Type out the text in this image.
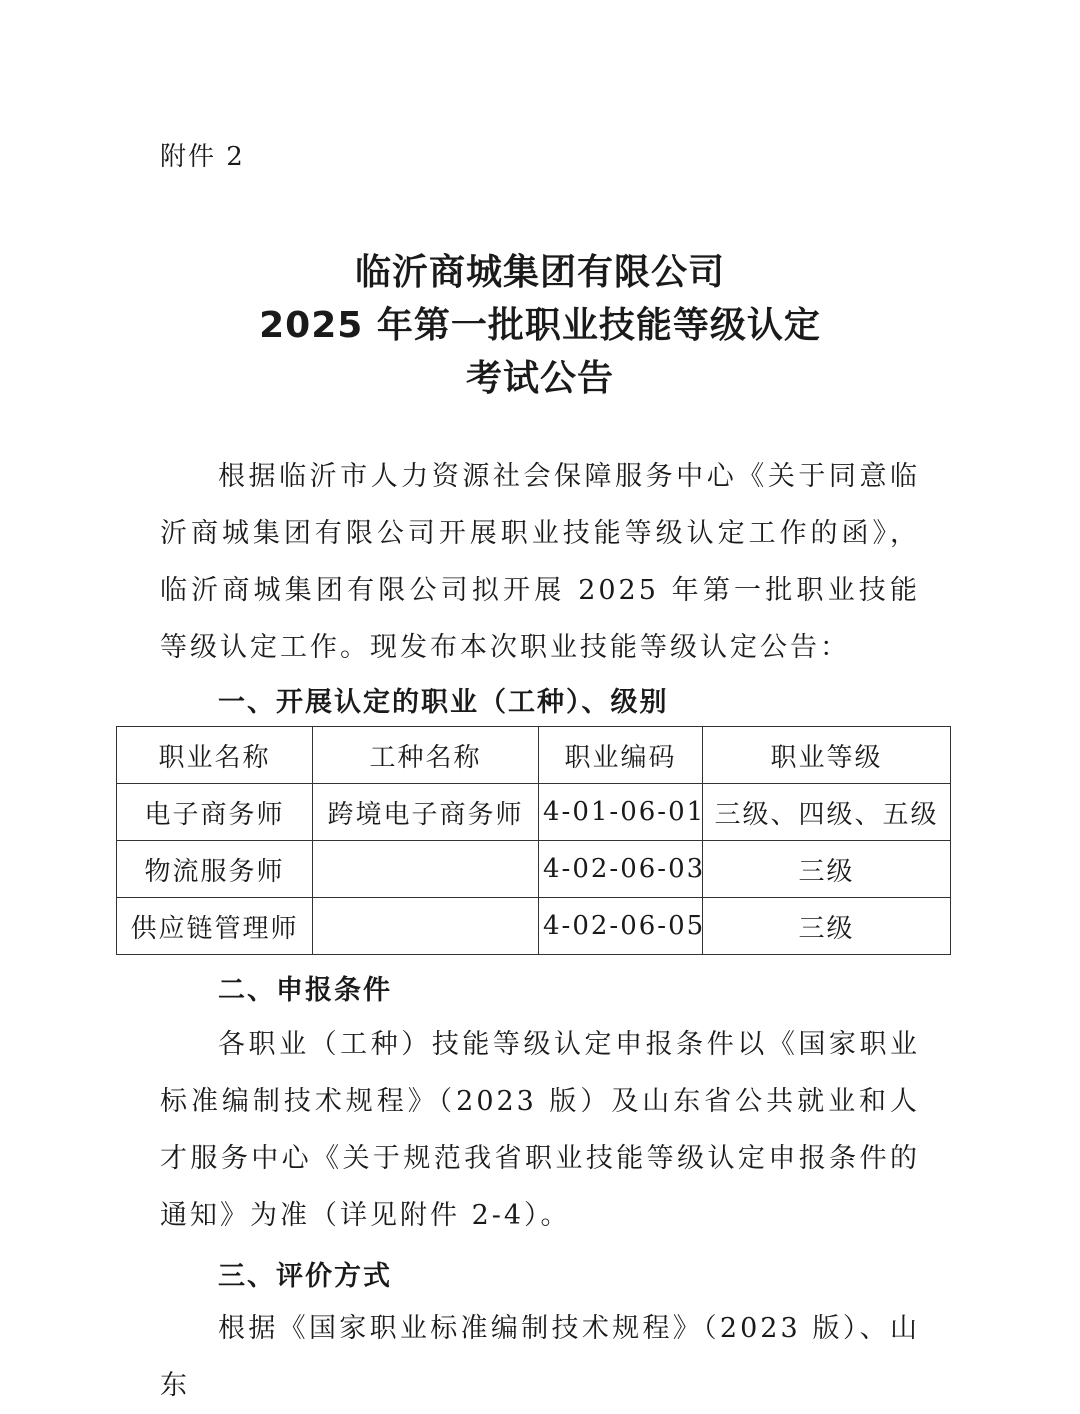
附件 2
临沂商城集团有限公司
2025 年第一批职业技能等级认定
考试公告

根据临沂市人力资源社会保障服务中心《关于同意临沂商城集团有限公司开展职业技能等级认定工作的函》，临沂商城集团有限公司拟开展 2025 年第一批职业技能等级认定工作。现发布本次职业技能等级认定公告：

一、开展认定的职业（工种）、级别
职业名称	工种名称	职业编码	职业等级
电子商务师	跨境电子商务师	4-01-06-01	三级、四级、五级
物流服务师		4-02-06-03	三级
供应链管理师		4-02-06-05	三级
二、申报条件

各职业（工种）技能等级认定申报条件以《国家职业标准编制技术规程》（2023 版）及山东省公共就业和人才服务中心《关于规范我省职业技能等级认定申报条件的通知》为准（详见附件 2-4）。

三、评价方式

根据《国家职业标准编制技术规程》（2023 版）、山东
